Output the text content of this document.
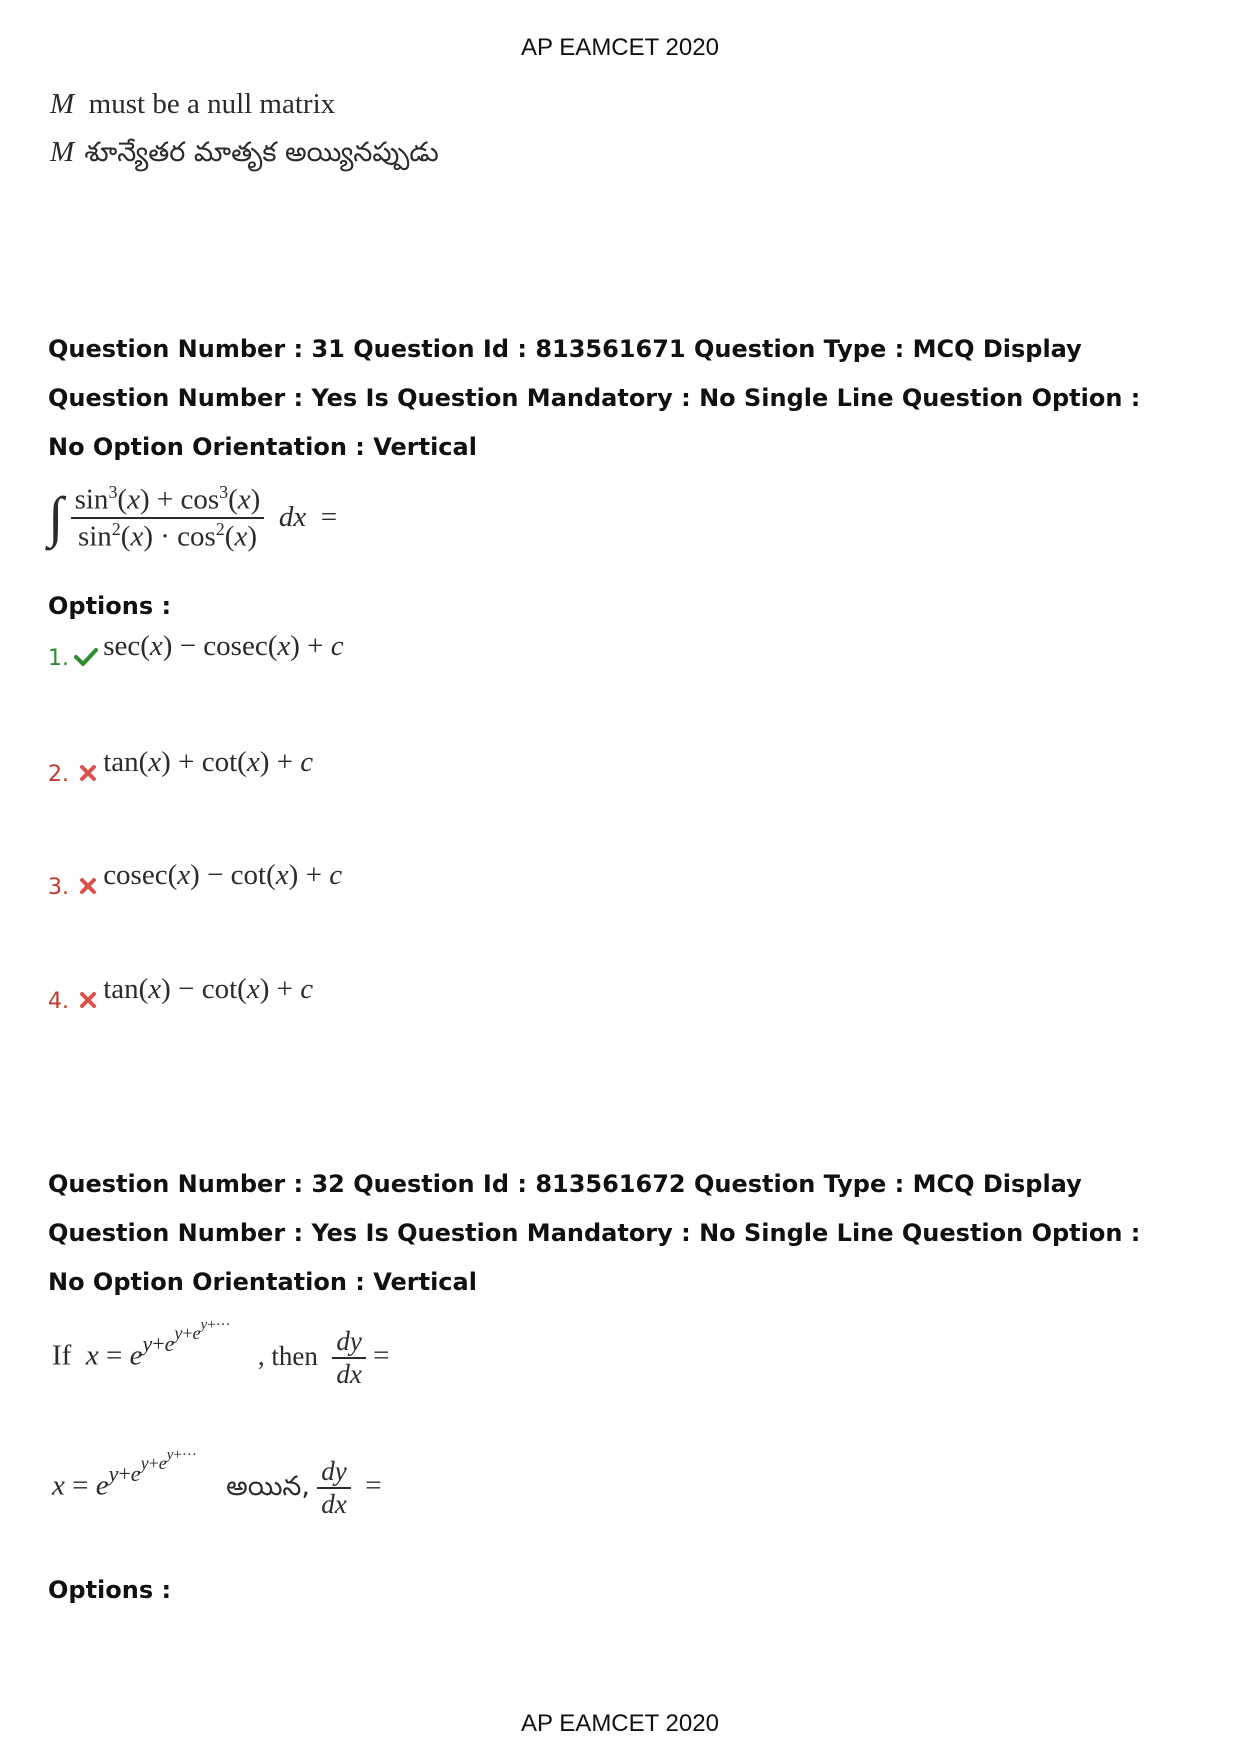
AP EAMCET 2020
M must be a null matrix
M శూన్యేతర మాతృక అయ్యినప్పుడు
Question Number : 31 Question Id : 813561671 Question Type : MCQ Display Question Number : Yes Is Question Mandatory : No Single Line Question Option : No Option Orientation : Vertical
∫ $\frac{\sin^3(x) + \cos^3(x)}{\sin^2(x) \cdot \cos^2(x)}$ dx  =
Options :
1. sec(x) − cosec(x) + c
2. tan(x) + cot(x) + c
3. cosec(x) − cot(x) + c
4. tan(x) − cot(x) + c
Question Number : 32 Question Id : 813561672 Question Type : MCQ Display Question Number : Yes Is Question Mandatory : No Single Line Question Option : No Option Orientation : Vertical
If $x = e^{y+e^{y+e^{y+\cdot\cdot\cdot}}}$ , then $\frac{dy}{dx}$ =
$x = e^{y+e^{y+e^{y+\cdot\cdot\cdot}}}$ అయిన, $\frac{dy}{dx}$ =
Options :
AP EAMCET 2020
